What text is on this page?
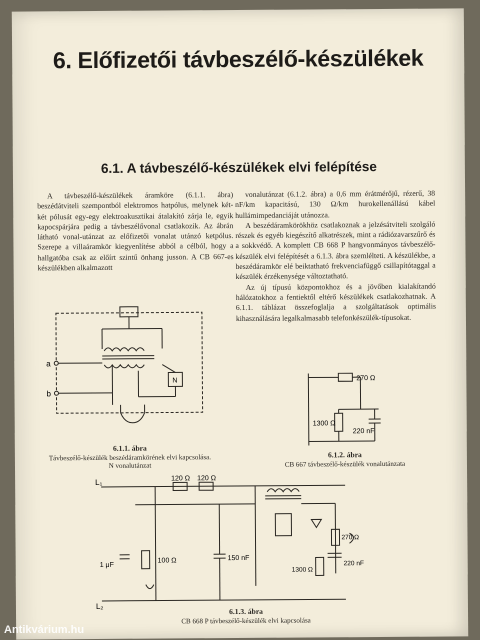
6. Előfizetői távbeszélő-készülékek
6.1. A távbeszélő-készülékek elvi felépítése

A távbeszélő-készülékek áramköre (6.1.1. ábra) beszédátviteli szempontból elektromos hatpólus, melynek két-két pólusát egy-egy elektroakusztikai átalakító zárja le, egyik kapocspárjára pedig a távbeszélővonal csatlakozik. Az ábrán látható vonal-utánzat az előfizetői vonalat utánzó ketpólus. Szerepe a villaáramkör kiegyenlítése abból a célból, hogy a hallgatóba csak az előírt szintű önhang jusson. A CB 667-es készülékben alkalmazott

vonalutánzat (6.1.2. ábra) a 0,6 mm érátmérőjű, rézerű, 38 nF/km kapacitású, 130 Ω/km hurokellenállású kábel hullámimpedanciáját utánozza.

A beszédáramkörökhöz csatlakoznak a jelzésátviteli szolgáló részek és egyéb kiegészítő alkatrészek, mint a rádiózavarszűrő és a sokkvédő. A komplett CB 668 P hangvonmányos távbeszélő-készülék elvi felépítését a 6.1.3. ábra szemlélteti. A készülékbe, a beszédáramkör elé beiktatható frekvenciafüggő csillapítótaggal a készülék érzékenysége változtatható.

Az új típusú központokhoz és a jövőben kialakítandó hálózatokhoz a fentiektől eltérő készülékek csatlakozhatnak. A 6.1.1. táblázat összefoglalja a szolgáltatások optimális kihasználására legalkalmasabb telefonkészülék-típusokat.

a
b
N
6.1.1. ábra
Távbeszélő-készülék beszédáramkörének elvi kapcsolása.
N vonalutánzat
270 Ω
1300 Ω
220 nF
6.1.2. ábra
CB 667 távbeszélő-készülék vonalutánzata
L₁
L₂
120 Ω 120 Ω
100 Ω
1 μF
150 nF
270 Ω
1300 Ω
220 nF
6.1.3. ábra
CB 668 P távbeszélő-készülék elvi kapcsolása
Antikvárium.hu
